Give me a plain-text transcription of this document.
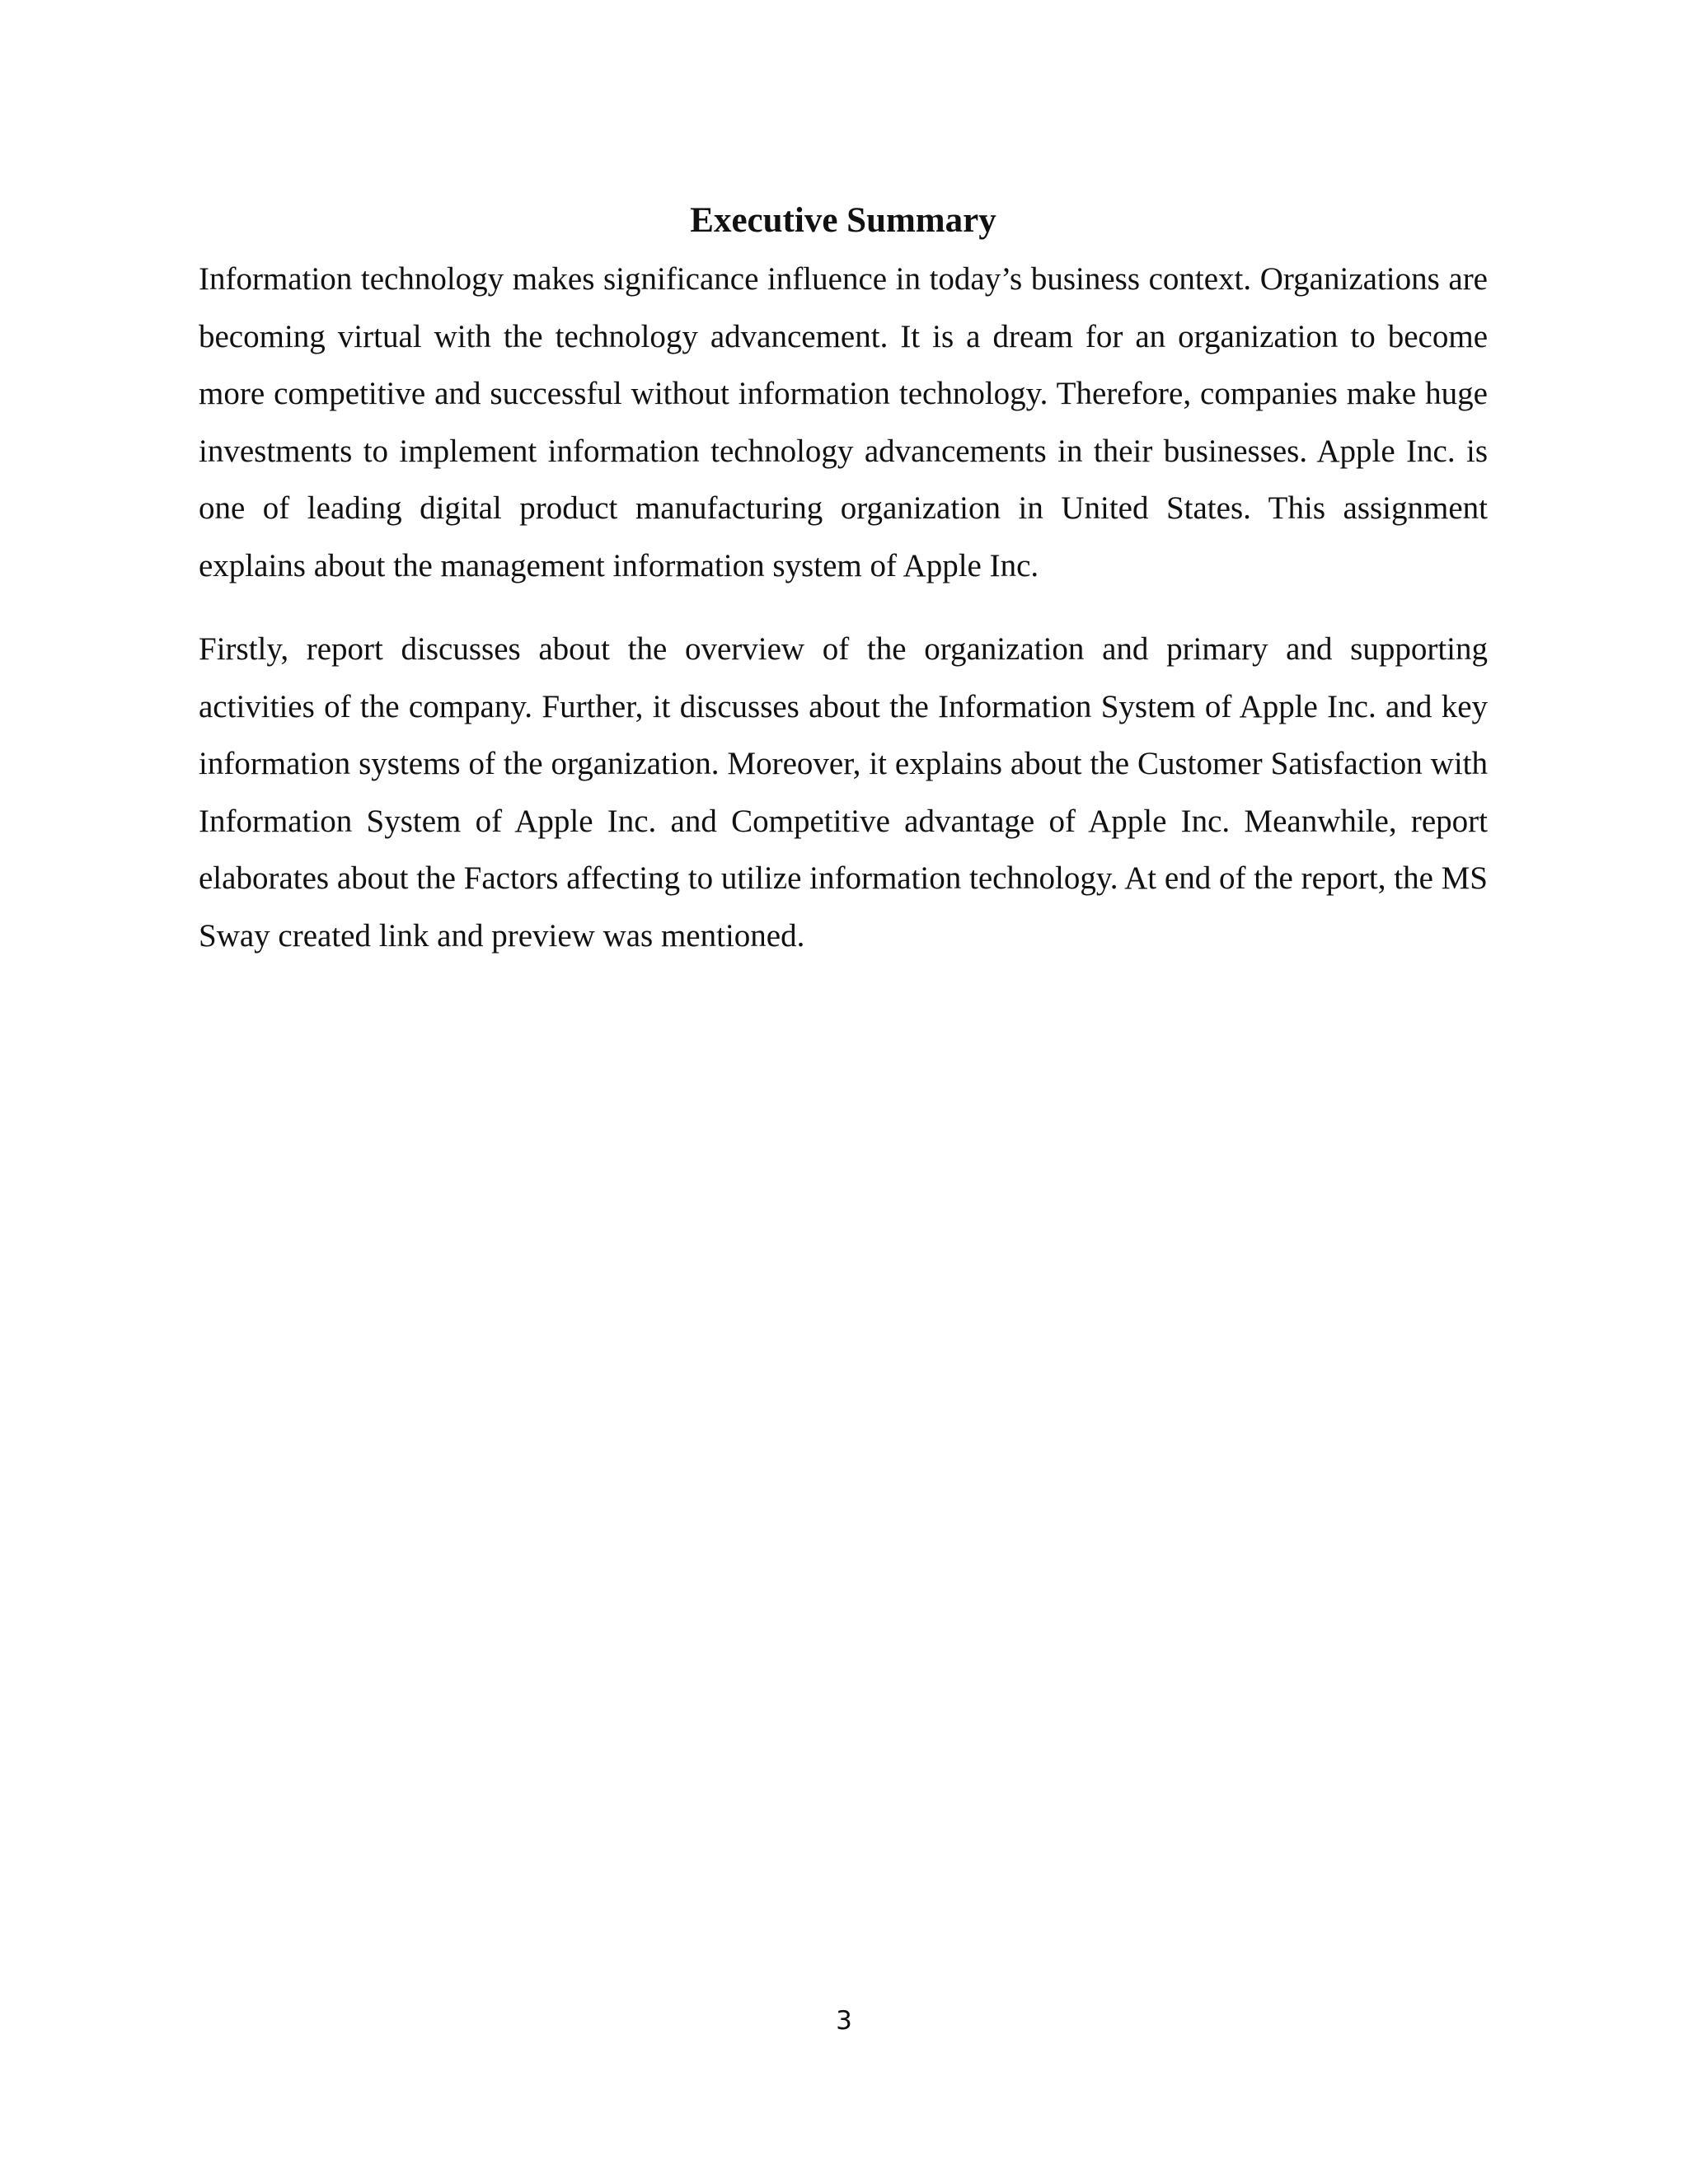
Executive Summary

Information technology makes significance influence in today’s business context. Organizations are becoming virtual with the technology advancement. It is a dream for an organization to become more competitive and successful without information technology. Therefore, companies make huge investments to implement information technology advancements in their businesses. Apple Inc. is one of leading digital product manufacturing organization in United States. This assignment explains about the management information system of Apple Inc.

Firstly, report discusses about the overview of the organization and primary and supporting activities of the company. Further, it discusses about the Information System of Apple Inc. and key information systems of the organization. Moreover, it explains about the Customer Satisfaction with Information System of Apple Inc. and Competitive advantage of Apple Inc. Meanwhile, report elaborates about the Factors affecting to utilize information technology. At end of the report, the MS Sway created link and preview was mentioned.

3
